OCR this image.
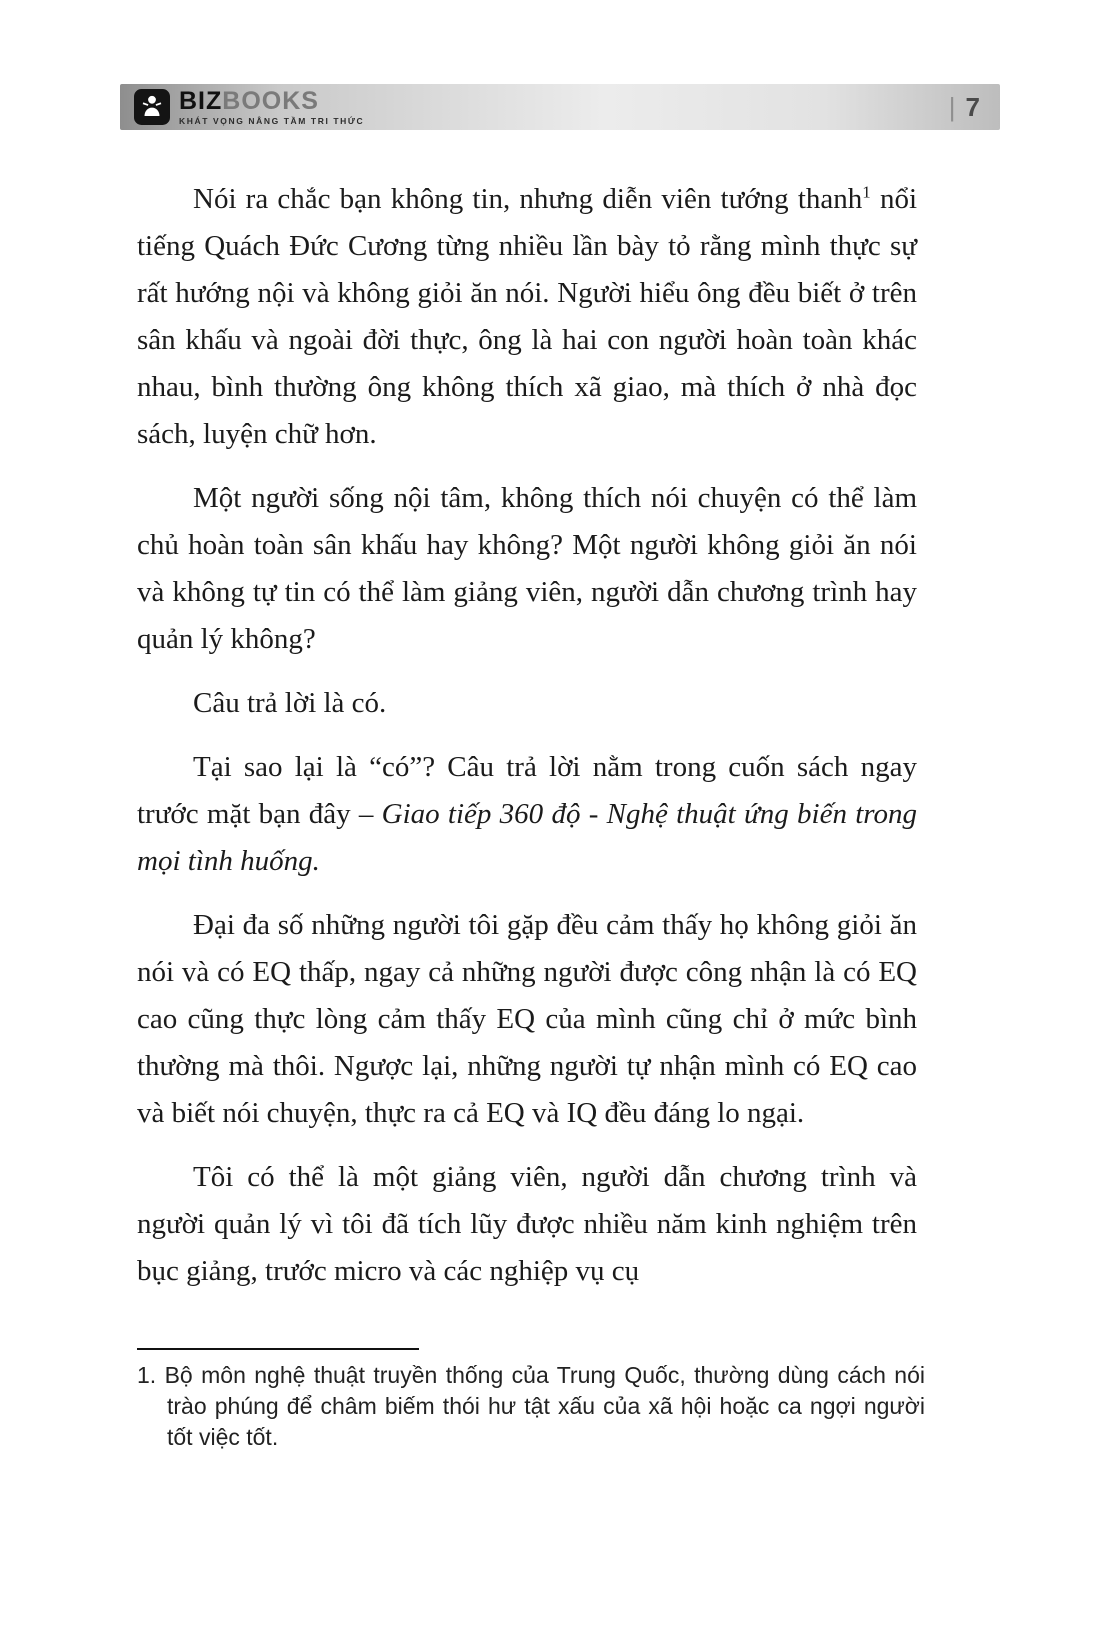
BIZ BOOKS
KHÁT VỌNG NÂNG TẦM TRI THỨC	| 7

Nói ra chắc bạn không tin, nhưng diễn viên tướng thanh$^1$ nổi tiếng Quách Đức Cương từng nhiều lần bày tỏ rằng mình thực sự rất hướng nội và không giỏi ăn nói. Người hiểu ông đều biết ở trên sân khấu và ngoài đời thực, ông là hai con người hoàn toàn khác nhau, bình thường ông không thích xã giao, mà thích ở nhà đọc sách, luyện chữ hơn.

Một người sống nội tâm, không thích nói chuyện có thể làm chủ hoàn toàn sân khấu hay không? Một người không giỏi ăn nói và không tự tin có thể làm giảng viên, người dẫn chương trình hay quản lý không?

Câu trả lời là có.

Tại sao lại là “có”? Câu trả lời nằm trong cuốn sách ngay trước mặt bạn đây – Giao tiếp 360 độ - Nghệ thuật ứng biến trong mọi tình huống.

Đại đa số những người tôi gặp đều cảm thấy họ không giỏi ăn nói và có EQ thấp, ngay cả những người được công nhận là có EQ cao cũng thực lòng cảm thấy EQ của mình cũng chỉ ở mức bình thường mà thôi. Ngược lại, những người tự nhận mình có EQ cao và biết nói chuyện, thực ra cả EQ và IQ đều đáng lo ngại.

Tôi có thể là một giảng viên, người dẫn chương trình và người quản lý vì tôi đã tích lũy được nhiều năm kinh nghiệm trên bục giảng, trước micro và các nghiệp vụ cụ

1. Bộ môn nghệ thuật truyền thống của Trung Quốc, thường dùng cách nói trào phúng để châm biếm thói hư tật xấu của xã hội hoặc ca ngợi người tốt việc tốt.
